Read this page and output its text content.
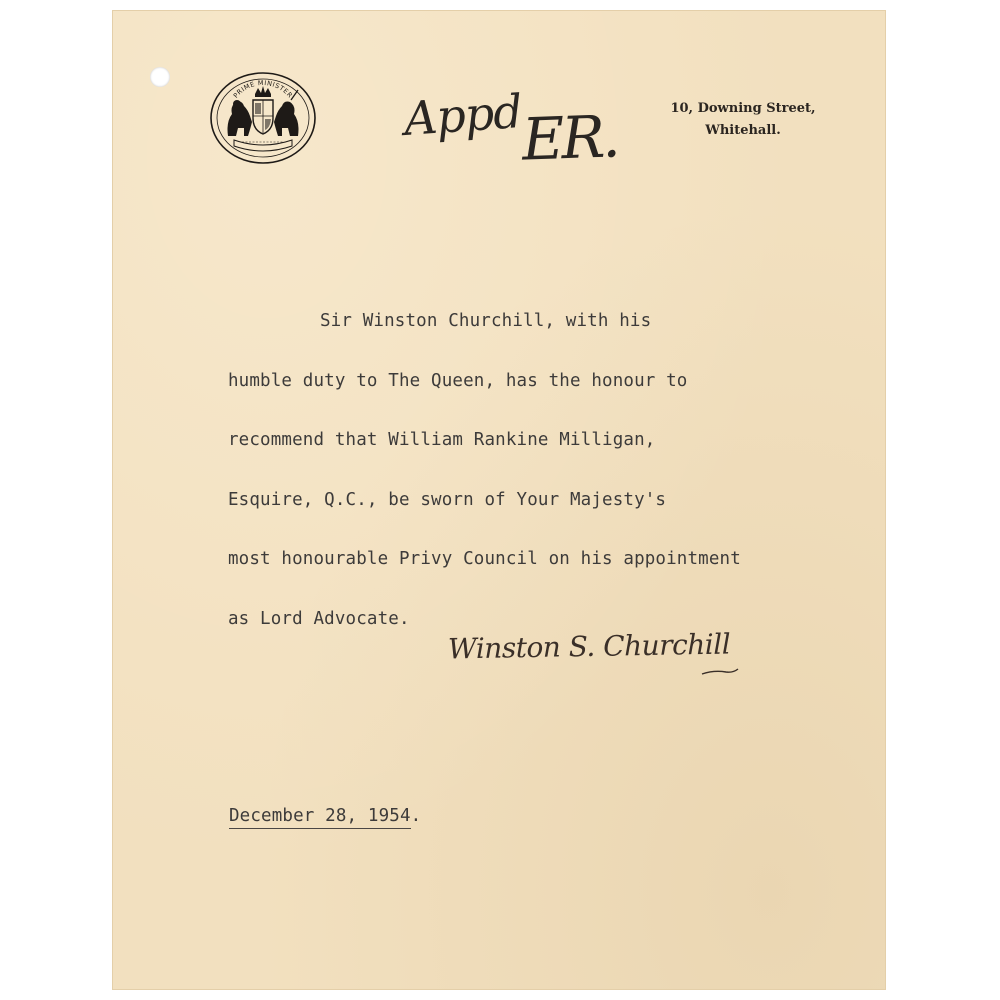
PRIME MINISTER Appd
ER.	10, Downing Street,
Whitehall.
Sir Winston Churchill, with his
humble duty to The Queen, has the honour to
recommend that William Rankine Milligan,
Esquire, Q.C., be sworn of Your Majesty's
most honourable Privy Council on his appointment
as Lord Advocate.
Winston S. Churchill
December 28, 1954.
